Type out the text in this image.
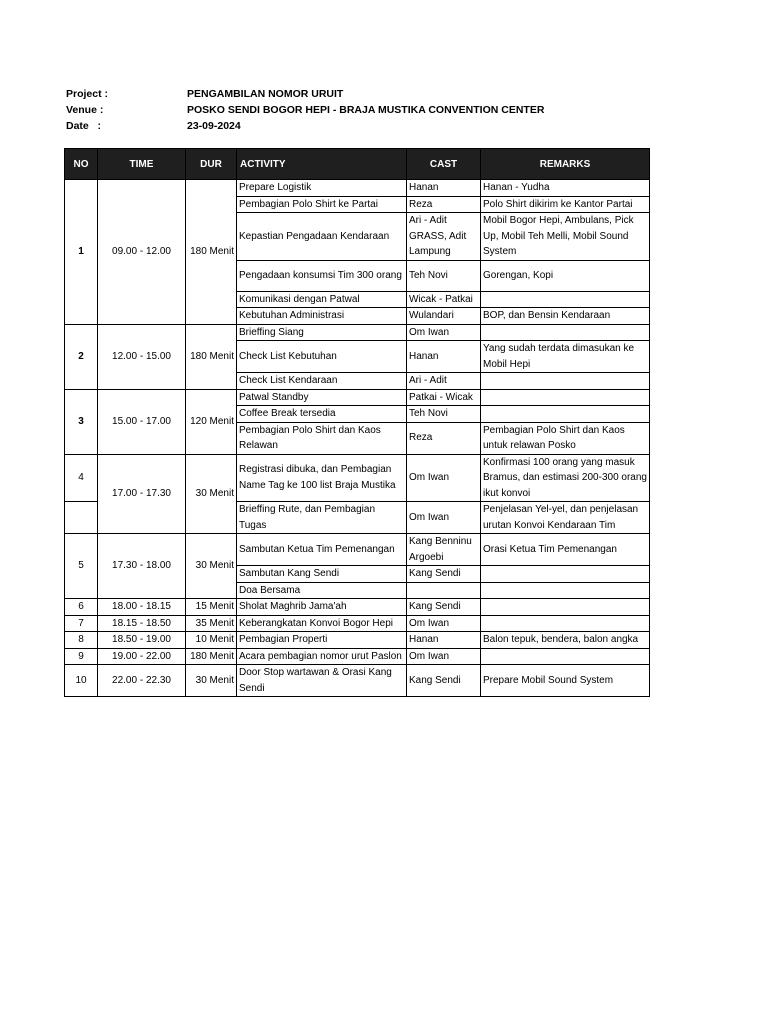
Project :	PENGAMBILAN NOMOR URUIT
Venue :	POSKO SENDI BOGOR HEPI - BRAJA MUSTIKA CONVENTION CENTER
Date   :	23-09-2024
NO	TIME	DUR	ACTIVITY	CAST	REMARKS
1	09.00 - 12.00	180 Menit	Prepare Logistik	Hanan	Hanan - Yudha
			Pembagian Polo Shirt ke Partai	Reza	Polo Shirt dikirim ke Kantor Partai
			Kepastian Pengadaan Kendaraan	Ari - Adit GRASS, Adit Lampung	Mobil Bogor Hepi, Ambulans, Pick Up, Mobil Teh Melli, Mobil Sound System
			Pengadaan konsumsi Tim 300 orang	Teh Novi	Gorengan, Kopi
			Komunikasi dengan Patwal	Wicak - Patkai	
			Kebutuhan Administrasi	Wulandari	BOP, dan Bensin Kendaraan
2	12.00 - 15.00	180 Menit	Brieffing Siang	Om Iwan	
			Check List Kebutuhan	Hanan	Yang sudah terdata dimasukan ke Mobil Hepi
			Check List Kendaraan	Ari - Adit	
3	15.00 - 17.00	120 Menit	Patwal Standby	Patkai - Wicak	
			Coffee Break tersedia	Teh Novi	
			Pembagian Polo Shirt dan Kaos Relawan	Reza	Pembagian Polo Shirt dan Kaos untuk relawan Posko
4	17.00 - 17.30	30 Menit	Registrasi dibuka, dan Pembagian Name Tag ke 100 list Braja Mustika	Om Iwan	Konfirmasi 100 orang yang masuk Bramus, dan estimasi 200-300 orang ikut konvoi
			Brieffing Rute, dan Pembagian Tugas	Om Iwan	Penjelasan Yel-yel, dan penjelasan urutan Konvoi Kendaraan Tim
5	17.30 - 18.00	30 Menit	Sambutan Ketua Tim Pemenangan	Kang Benninu Argoebi	Orasi Ketua Tim Pemenangan
			Sambutan Kang Sendi	Kang Sendi	
			Doa Bersama		
6	18.00 - 18.15	15 Menit	Sholat Maghrib Jama'ah	Kang Sendi	
7	18.15 - 18.50	35 Menit	Keberangkatan Konvoi Bogor Hepi	Om Iwan	
8	18.50 - 19.00	10 Menit	Pembagian Properti	Hanan	Balon tepuk, bendera, balon angka
9	19.00 - 22.00	180 Menit	Acara pembagian nomor urut Paslon	Om Iwan	
10	22.00 - 22.30	30 Menit	Door Stop wartawan & Orasi Kang Sendi	Kang Sendi	Prepare Mobil Sound System
